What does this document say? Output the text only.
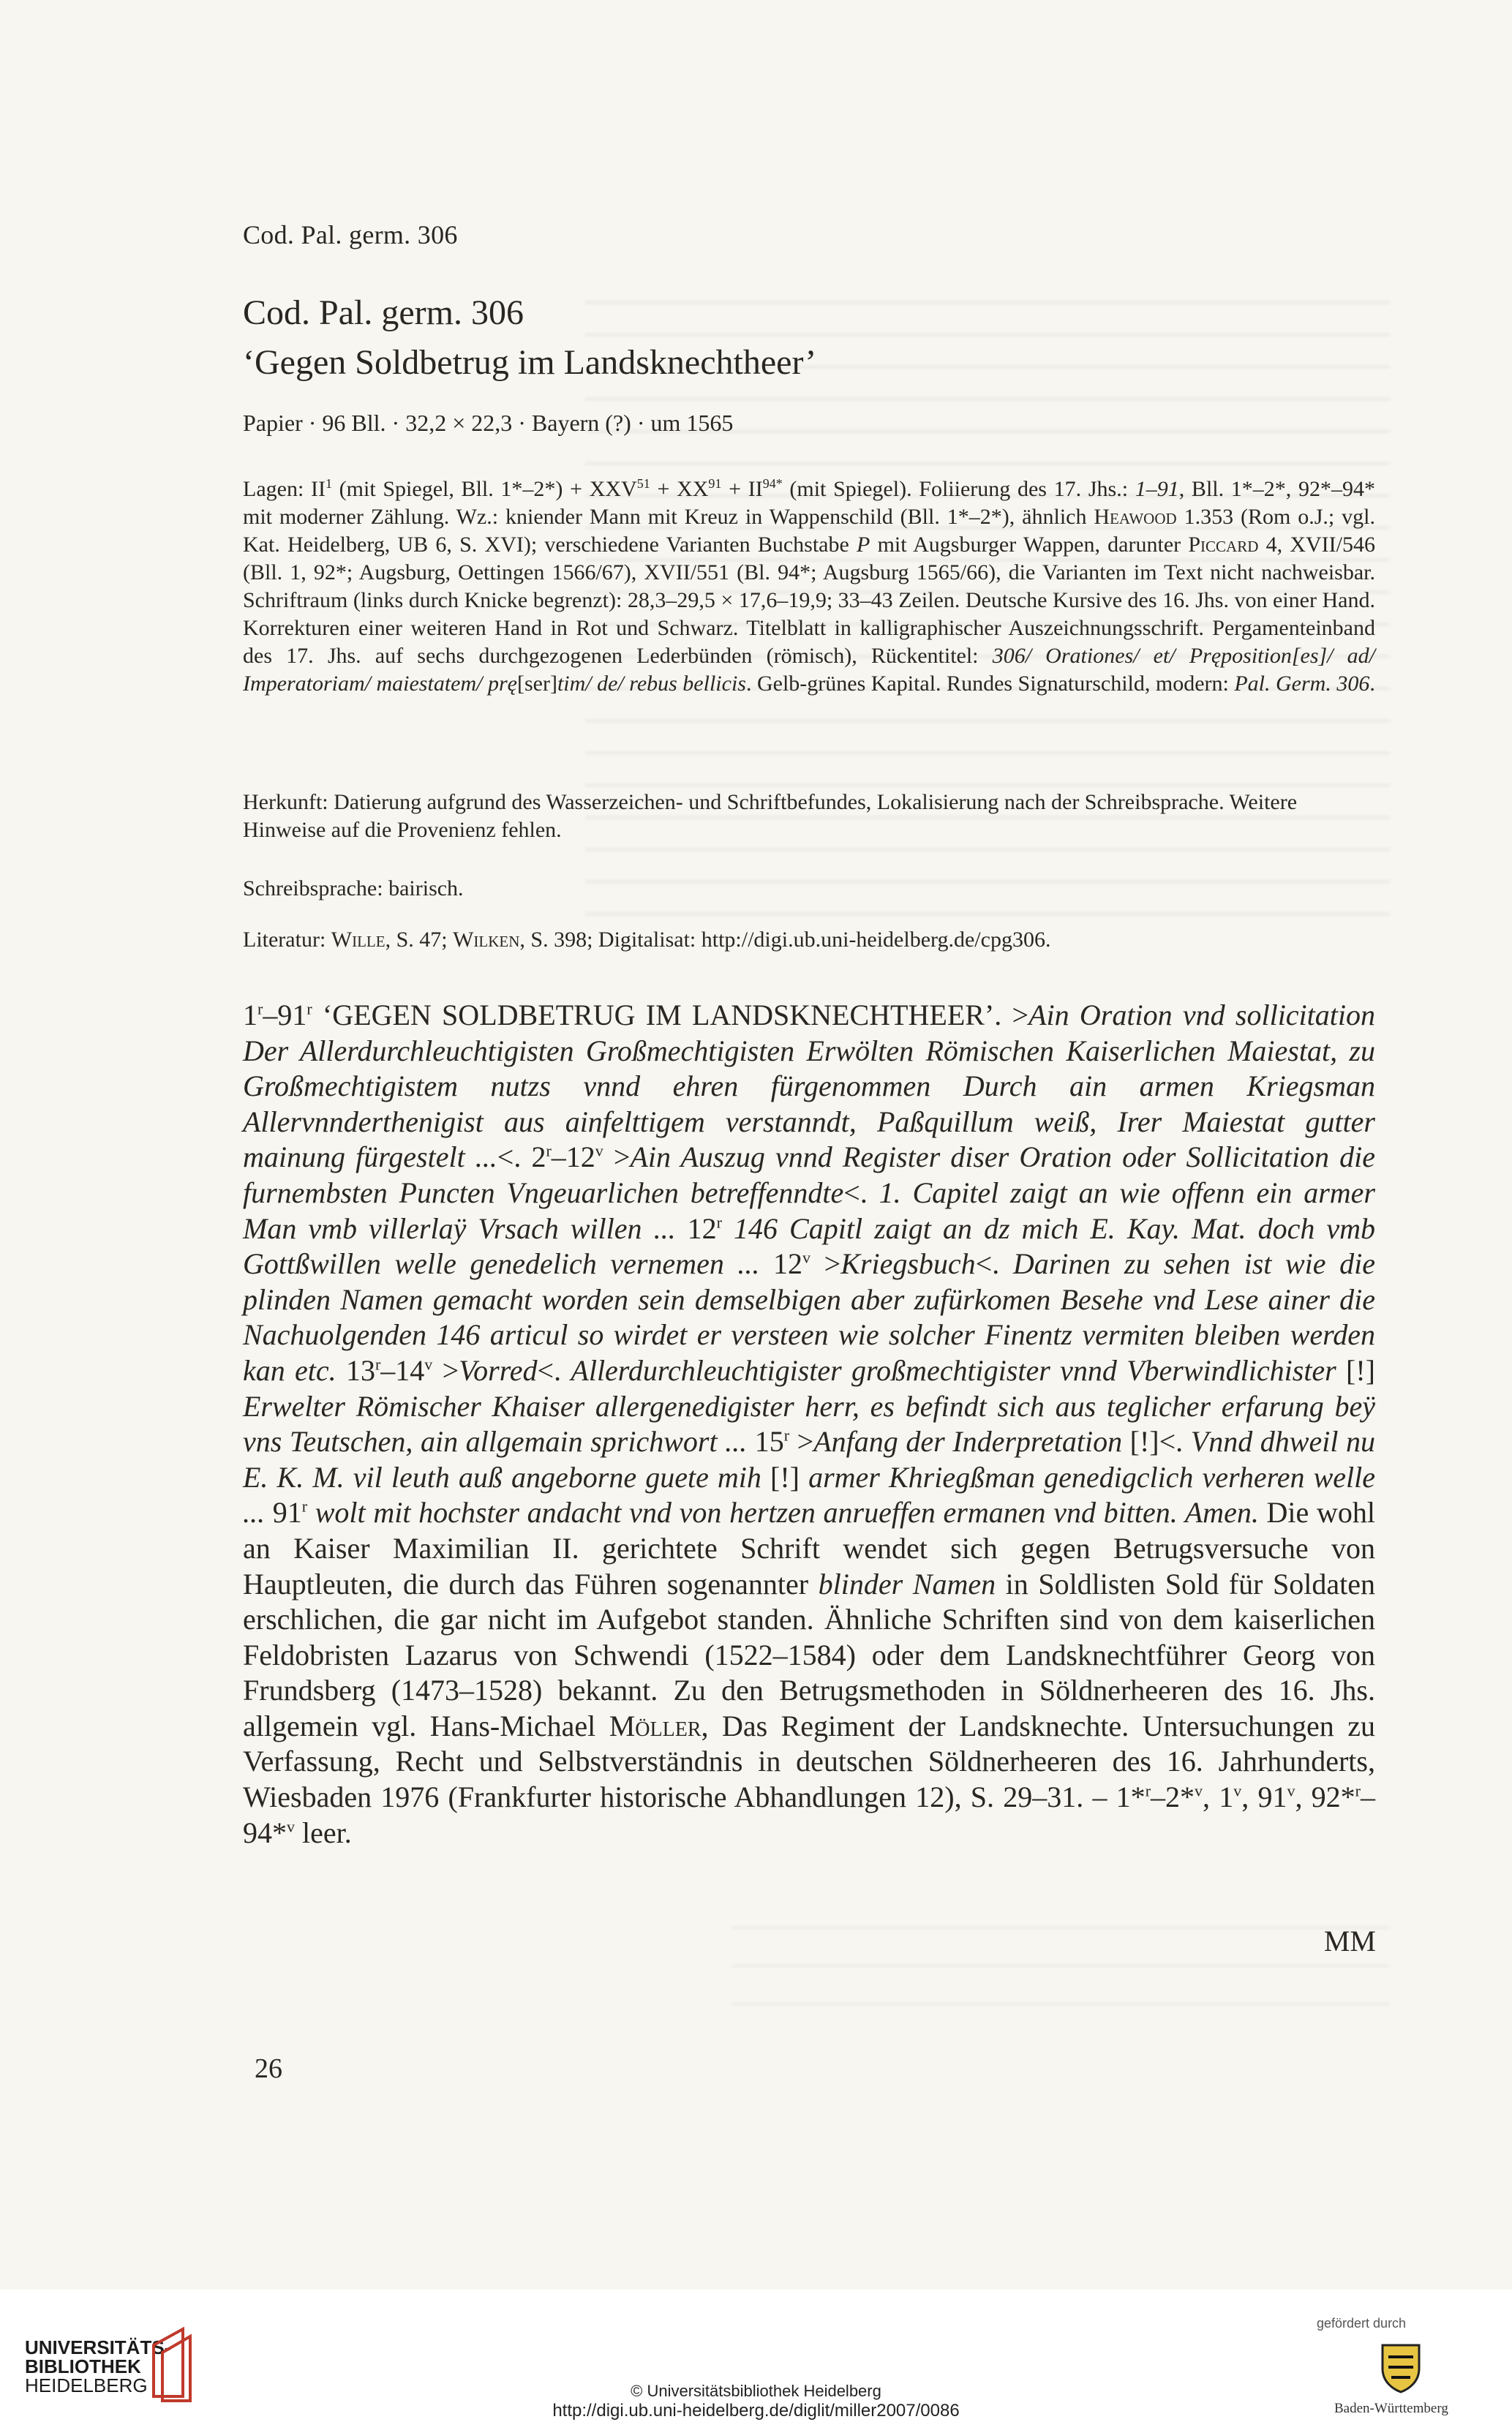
Cod. Pal. germ. 306
Cod. Pal. germ. 306
‘Gegen Soldbetrug im Landsknechtheer’
Papier · 96 Bll. · 32,2 × 22,3 · Bayern (?) · um 1565
Lagen: $II^1$ (mit Spiegel, Bll. $1*-2*) + XXV^{51} + XX^{91} + II^{94*}$ (mit Spiegel). Foliierung des 17. Jhs.: 1–91, Bll. 1*–2*, 92*–94* mit moderner Zählung. Wz.: kniender Mann mit Kreuz in Wappenschild (Bll. 1*–2*), ähnlich Heawood 1.353 (Rom o.J.; vgl. Kat. Heidelberg, UB 6, S. XVI); verschiedene Varianten Buchstabe P mit Augsburger Wappen, darunter Piccard 4, XVII/546 (Bll. 1, 92*; Augsburg, Oettingen 1566/67), XVII/551 (Bl. 94*; Augsburg 1565/66), die Varianten im Text nicht nachweisbar. Schriftraum (links durch Knicke begrenzt): 28,3–29,5 × 17,6–19,9; 33–43 Zeilen. Deutsche Kursive des 16. Jhs. von einer Hand. Korrekturen einer weiteren Hand in Rot und Schwarz. Titelblatt in kalligraphischer Auszeichnungsschrift. Pergamenteinband des 17. Jhs. auf sechs durchgezogenen Lederbünden (römisch), Rückentitel: 306/ Orationes/ et/ Pręposition[es]/ ad/ Imperatoriam/ maiestatem/ prę[ser]tim/ de/ rebus bellicis. Gelb-grünes Kapital. Rundes Signaturschild, modern: Pal. Germ. 306.
Herkunft: Datierung aufgrund des Wasserzeichen- und Schriftbefundes, Lokalisierung nach der Schreibsprache. Weitere Hinweise auf die Provenienz fehlen.
Schreibsprache: bairisch.
Literatur: Wille, S. 47; Wilken, S. 398; Digitalisat: http://digi.ub.uni-heidelberg.de/cpg306.
1$^r$–91$^r$ ‘GEGEN SOLDBETRUG IM LANDSKNECHTHEER’. >Ain Oration vnd sollicitation Der Allerdurchleuchtigisten Großmechtigisten Erwölten Römischen Kaiserlichen Maiestat, zu Großmechtigistem nutzs vnnd ehren fürgenommen Durch ain armen Kriegsman Allervnnderthenigist aus ainfelttigem verstanndt, Paßquillum weiß, Irer Maiestat gutter mainung fürgestelt ...<. $2^r-12^v >Ain$ Auszug vnnd Register diser Oration oder Sollicitation die furnembsten Puncten Vngeuarlichen betreffenndte<. 1. Capitel zaigt an wie offenn ein armer Man vmb villerlaÿ Vrsach willen ... 12$^r$ 146 Capitl zaigt an dz mich E. Kay. Mat. doch vmb Gottßwillen welle genedelich vernemen ... $12^v$ >Kriegsbuch<. Darinen zu sehen ist wie die plinden Namen gemacht worden sein demselbigen aber zufürkomen Besehe vnd Lese ainer die Nachuolgenden 146 articul so wirdet er versteen wie solcher Finentz vermiten bleiben werden kan etc. $13^r-14^v$ >Vorred<. Allerdurchleuchtigister großmechtigister vnnd Vberwindlichister [!] Erwelter Römischer Khaiser allergenedigister herr, es befindt sich aus teglicher erfarung beÿ vns Teutschen, ain allgemain sprichwort ... $15^r$ >Anfang der Inderpretation [!]<. Vnnd dhweil nu E. K. M. vil leuth auß angeborne guete mih [!] armer Khriegßman genedigclich verheren welle ... 91$^r$ wolt mit hochster andacht vnd von hertzen anrueffen ermanen vnd bitten. Amen. Die wohl an Kaiser Maximilian II. gerichtete Schrift wendet sich gegen Betrugsversuche von Hauptleuten, die durch das Führen sogenannter blinder Namen in Soldlisten Sold für Soldaten erschlichen, die gar nicht im Aufgebot standen. Ähnliche Schriften sind von dem kaiserlichen Feldobristen Lazarus von Schwendi (1522–1584) oder dem Landsknechtführer Georg von Frundsberg (1473–1528) bekannt. Zu den Betrugsmethoden in Söldnerheeren des 16. Jhs. allgemein vgl. Hans-Michael Möller, Das Regiment der Landsknechte. Untersuchungen zu Verfassung, Recht und Selbstverständnis in deutschen Söldnerheeren des 16. Jahrhunderts, Wiesbaden 1976 (Frankfurter historische Abhandlungen 12), S. 29–31. – 1*$^r$–2*$^v$, 1$^v$, 91$^v$, 92*$^r$–94*$^v$ leer.
MM
26
UNIVERSITÄTS-
BIBLIOTHEK
HEIDELBERG	© Universitätsbibliothek Heidelberg
http://digi.ub.uni-heidelberg.de/diglit/miller2007/0086
gefördert durch
Baden-Württemberg
